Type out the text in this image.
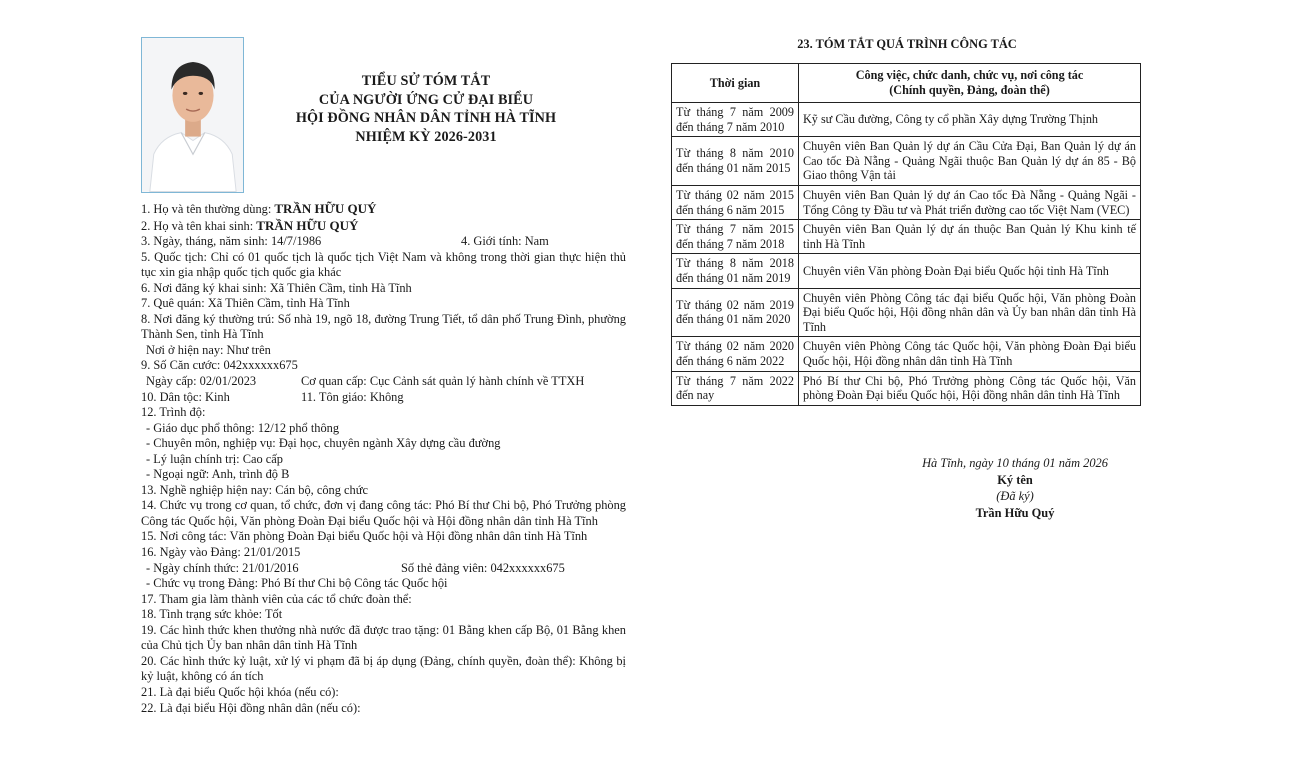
TIỂU SỬ TÓM TẮT
CỦA NGƯỜI ỨNG CỬ ĐẠI BIỂU
HỘI ĐỒNG NHÂN DÂN TỈNH HÀ TĨNH
NHIỆM KỲ 2026-2031
1. Họ và tên thường dùng: TRẦN HỮU QUÝ
2. Họ và tên khai sinh: TRẦN HỮU QUÝ
3. Ngày, tháng, năm sinh: 14/7/1986	4. Giới tính: Nam
5. Quốc tịch: Chỉ có 01 quốc tịch là quốc tịch Việt Nam và không trong thời gian thực hiện thủ tục xin gia nhập quốc tịch quốc gia khác
6. Nơi đăng ký khai sinh: Xã Thiên Cầm, tỉnh Hà Tĩnh
7. Quê quán: Xã Thiên Cầm, tỉnh Hà Tĩnh
8. Nơi đăng ký thường trú: Số nhà 19, ngõ 18, đường Trung Tiết, tổ dân phố Trung Đình, phường Thành Sen, tỉnh Hà Tĩnh
Nơi ở hiện nay: Như trên
9. Số Căn cước: 042xxxxxx675
Ngày cấp: 02/01/2023	Cơ quan cấp: Cục Cảnh sát quản lý hành chính về TTXH
10. Dân tộc: Kinh	11. Tôn giáo: Không
12. Trình độ:
- Giáo dục phổ thông: 12/12 phổ thông
- Chuyên môn, nghiệp vụ: Đại học, chuyên ngành Xây dựng cầu đường
- Lý luận chính trị: Cao cấp
- Ngoại ngữ: Anh, trình độ B
13. Nghề nghiệp hiện nay: Cán bộ, công chức
14. Chức vụ trong cơ quan, tổ chức, đơn vị đang công tác: Phó Bí thư Chi bộ, Phó Trưởng phòng Công tác Quốc hội, Văn phòng Đoàn Đại biểu Quốc hội và Hội đồng nhân dân tỉnh Hà Tĩnh
15. Nơi công tác: Văn phòng Đoàn Đại biểu Quốc hội và Hội đồng nhân dân tỉnh Hà Tĩnh
16. Ngày vào Đảng: 21/01/2015
- Ngày chính thức: 21/01/2016	Số thẻ đảng viên: 042xxxxxx675
- Chức vụ trong Đảng: Phó Bí thư Chi bộ Công tác Quốc hội
17. Tham gia làm thành viên của các tổ chức đoàn thể:
18. Tình trạng sức khỏe: Tốt
19. Các hình thức khen thưởng nhà nước đã được trao tặng: 01 Bằng khen cấp Bộ, 01 Bằng khen của Chủ tịch Ủy ban nhân dân tỉnh Hà Tĩnh
20. Các hình thức kỷ luật, xử lý vi phạm đã bị áp dụng (Đảng, chính quyền, đoàn thể): Không bị kỷ luật, không có án tích
21. Là đại biểu Quốc hội khóa (nếu có):
22. Là đại biểu Hội đồng nhân dân (nếu có):
23. TÓM TẮT QUÁ TRÌNH CÔNG TÁC
Thời gian	Công việc, chức danh, chức vụ, nơi công tác
(Chính quyền, Đảng, đoàn thể)

Từ tháng 7 năm 2009 đến tháng 7 năm 2010	Kỹ sư Cầu đường, Công ty cổ phần Xây dựng Trường Thịnh
Từ tháng 8 năm 2010 đến tháng 01 năm 2015	Chuyên viên Ban Quản lý dự án Cầu Cửa Đại, Ban Quản lý dự án Cao tốc Đà Nẵng - Quảng Ngãi thuộc Ban Quản lý dự án 85 - Bộ Giao thông Vận tải
Từ tháng 02 năm 2015 đến tháng 6 năm 2015	Chuyên viên Ban Quản lý dự án Cao tốc Đà Nẵng - Quảng Ngãi - Tổng Công ty Đầu tư và Phát triển đường cao tốc Việt Nam (VEC)
Từ tháng 7 năm 2015 đến tháng 7 năm 2018	Chuyên viên Ban Quản lý dự án thuộc Ban Quản lý Khu kinh tế tỉnh Hà Tĩnh
Từ tháng 8 năm 2018 đến tháng 01 năm 2019	Chuyên viên Văn phòng Đoàn Đại biểu Quốc hội tỉnh Hà Tĩnh
Từ tháng 02 năm 2019 đến tháng 01 năm 2020	Chuyên viên Phòng Công tác đại biểu Quốc hội, Văn phòng Đoàn Đại biểu Quốc hội, Hội đồng nhân dân và Ủy ban nhân dân tỉnh Hà Tĩnh
Từ tháng 02 năm 2020 đến tháng 6 năm 2022	Chuyên viên Phòng Công tác Quốc hội, Văn phòng Đoàn Đại biểu Quốc hội, Hội đồng nhân dân tỉnh Hà Tĩnh
Từ tháng 7 năm 2022 đến nay	Phó Bí thư Chi bộ, Phó Trưởng phòng Công tác Quốc hội, Văn phòng Đoàn Đại biểu Quốc hội, Hội đồng nhân dân tỉnh Hà Tĩnh
Hà Tĩnh, ngày 10 tháng 01 năm 2026
Ký tên
(Đã ký)
Trần Hữu Quý
